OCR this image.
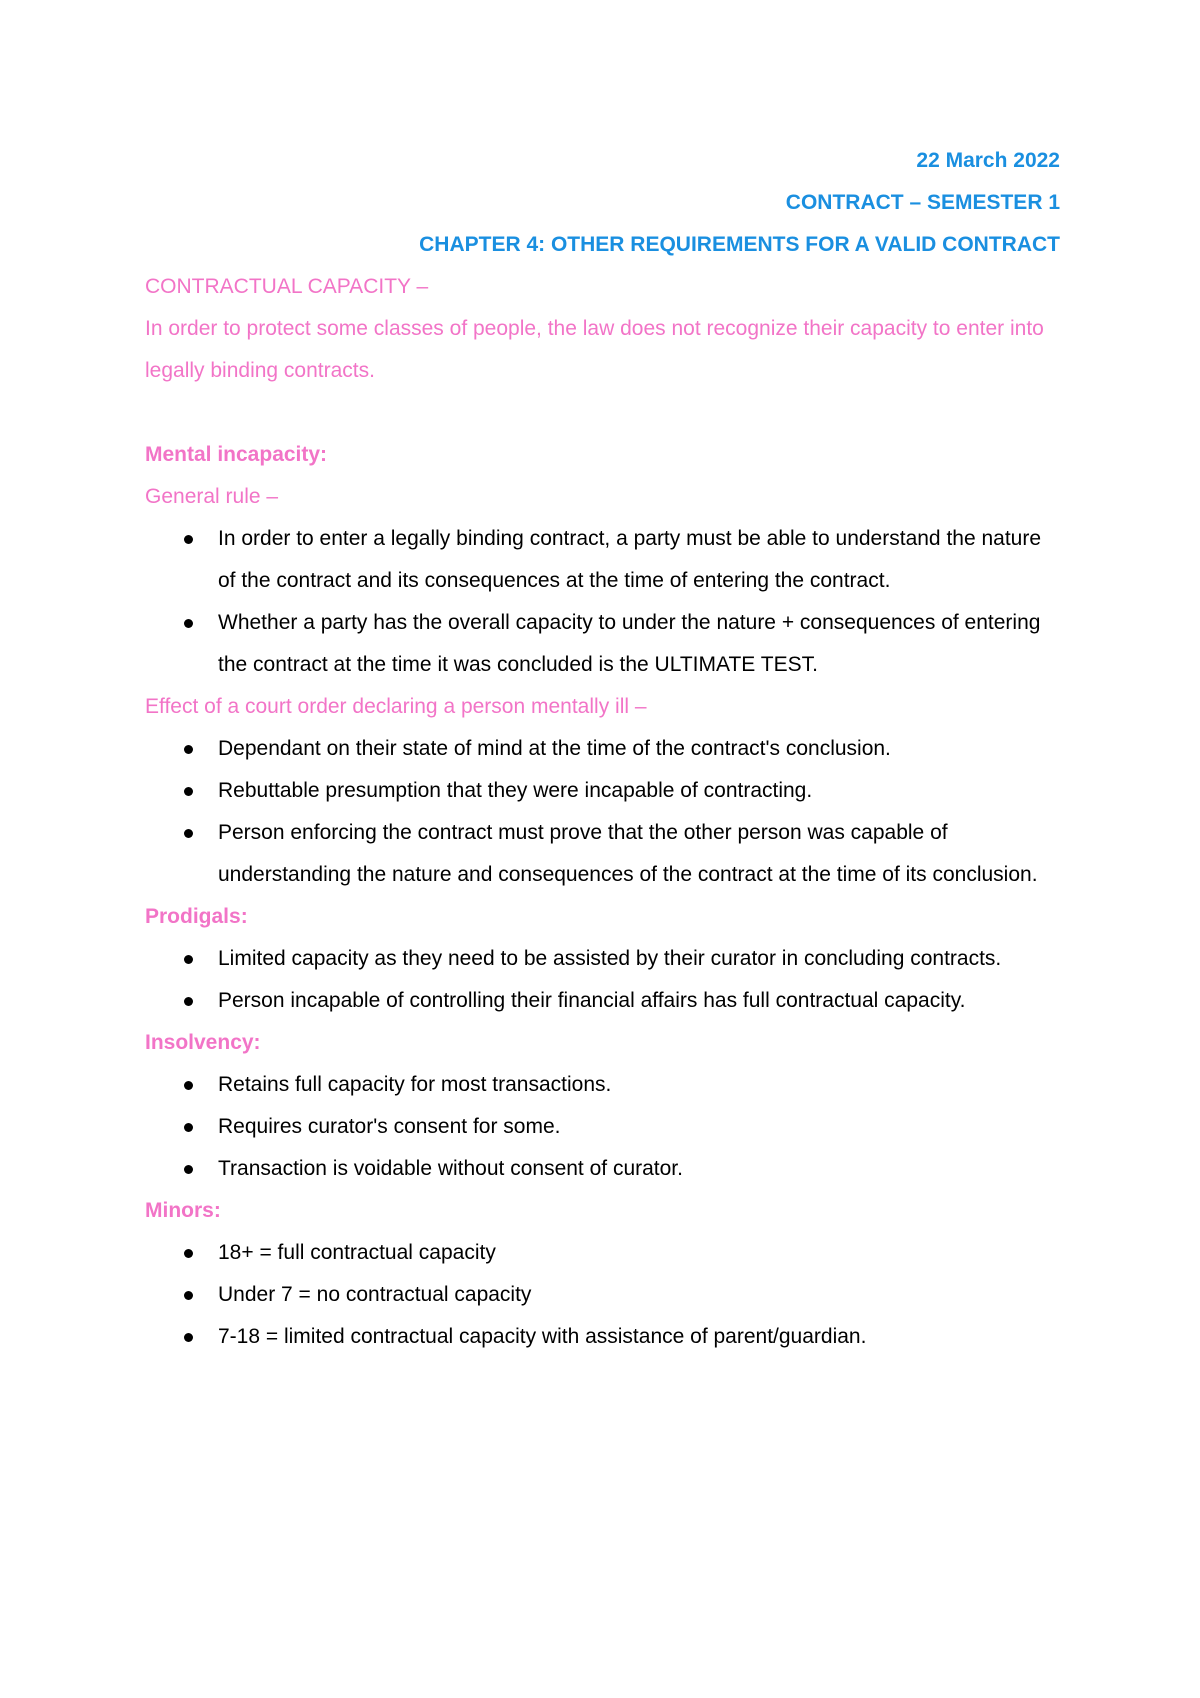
22 March 2022

CONTRACT – SEMESTER 1

CHAPTER 4: OTHER REQUIREMENTS FOR A VALID CONTRACT

CONTRACTUAL CAPACITY –

In order to protect some classes of people, the law does not recognize their capacity to enter into legally binding contracts.

Mental incapacity:

General rule –

In order to enter a legally binding contract, a party must be able to understand the nature of the contract and its consequences at the time of entering the contract.
Whether a party has the overall capacity to under the nature + consequences of entering the contract at the time it was concluded is the ULTIMATE TEST.

Effect of a court order declaring a person mentally ill –

Dependant on their state of mind at the time of the contract's conclusion.
Rebuttable presumption that they were incapable of contracting.
Person enforcing the contract must prove that the other person was capable of understanding the nature and consequences of the contract at the time of its conclusion.

Prodigals:

Limited capacity as they need to be assisted by their curator in concluding contracts.
Person incapable of controlling their financial affairs has full contractual capacity.

Insolvency:

Retains full capacity for most transactions.
Requires curator's consent for some.
Transaction is voidable without consent of curator.

Minors:

18+ = full contractual capacity
Under 7 = no contractual capacity
7-18 = limited contractual capacity with assistance of parent/guardian.
